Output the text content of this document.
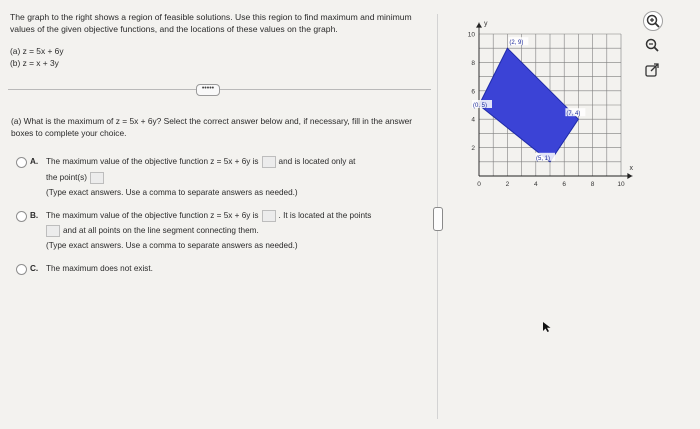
The graph to the right shows a region of feasible solutions. Use this region to find maximum and minimum values of the given objective functions, and the locations of these values on the graph.
(a) z = 5x + 6y
(b) z = x + 3y
•••••
(a) What is the maximum of z = 5x + 6y? Select the correct answer below and, if necessary, fill in the answer boxes to complete your choice.
A. The maximum value of the objective function z = 5x + 6y is and is located only at
the point(s)
(Type exact answers. Use a comma to separate answers as needed.)
B. The maximum value of the objective function z = 5x + 6y is . It is located at the points
and at all points on the line segment connecting them.
(Type exact answers. Use a comma to separate answers as needed.)
C. The maximum does not exist.
x
y
0	2	4	6	8	10
2
4
6
8
10
(2, 9)
(7, 4)
(5, 1)
(0, 5)
